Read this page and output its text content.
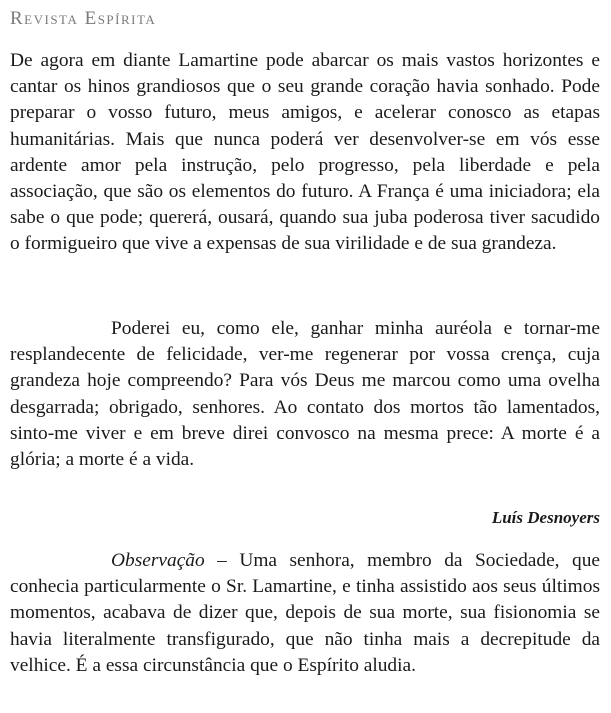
Revista Espírita

De agora em diante Lamartine pode abarcar os mais vastos horizontes e cantar os hinos grandiosos que o seu grande coração havia sonhado. Pode preparar o vosso futuro, meus amigos, e acelerar conosco as etapas humanitárias. Mais que nunca poderá ver desenvolver-se em vós esse ardente amor pela instrução, pelo progresso, pela liberdade e pela associação, que são os elementos do futuro. A França é uma iniciadora; ela sabe o que pode; quererá, ousará, quando sua juba poderosa tiver sacudido o formigueiro que vive a expensas de sua virilidade e de sua grandeza.

Poderei eu, como ele, ganhar minha auréola e tornar-me resplandecente de felicidade, ver-me regenerar por vossa crença, cuja grandeza hoje compreendo? Para vós Deus me marcou como uma ovelha desgarrada; obrigado, senhores. Ao contato dos mortos tão lamentados, sinto-me viver e em breve direi convosco na mesma prece: A morte é a glória; a morte é a vida.

Luís Desnoyers

Observação – Uma senhora, membro da Sociedade, que conhecia particularmente o Sr. Lamartine, e tinha assistido aos seus últimos momentos, acabava de dizer que, depois de sua morte, sua fisionomia se havia literalmente transfigurado, que não tinha mais a decrepitude da velhice. É a essa circunstância que o Espírito aludia.
